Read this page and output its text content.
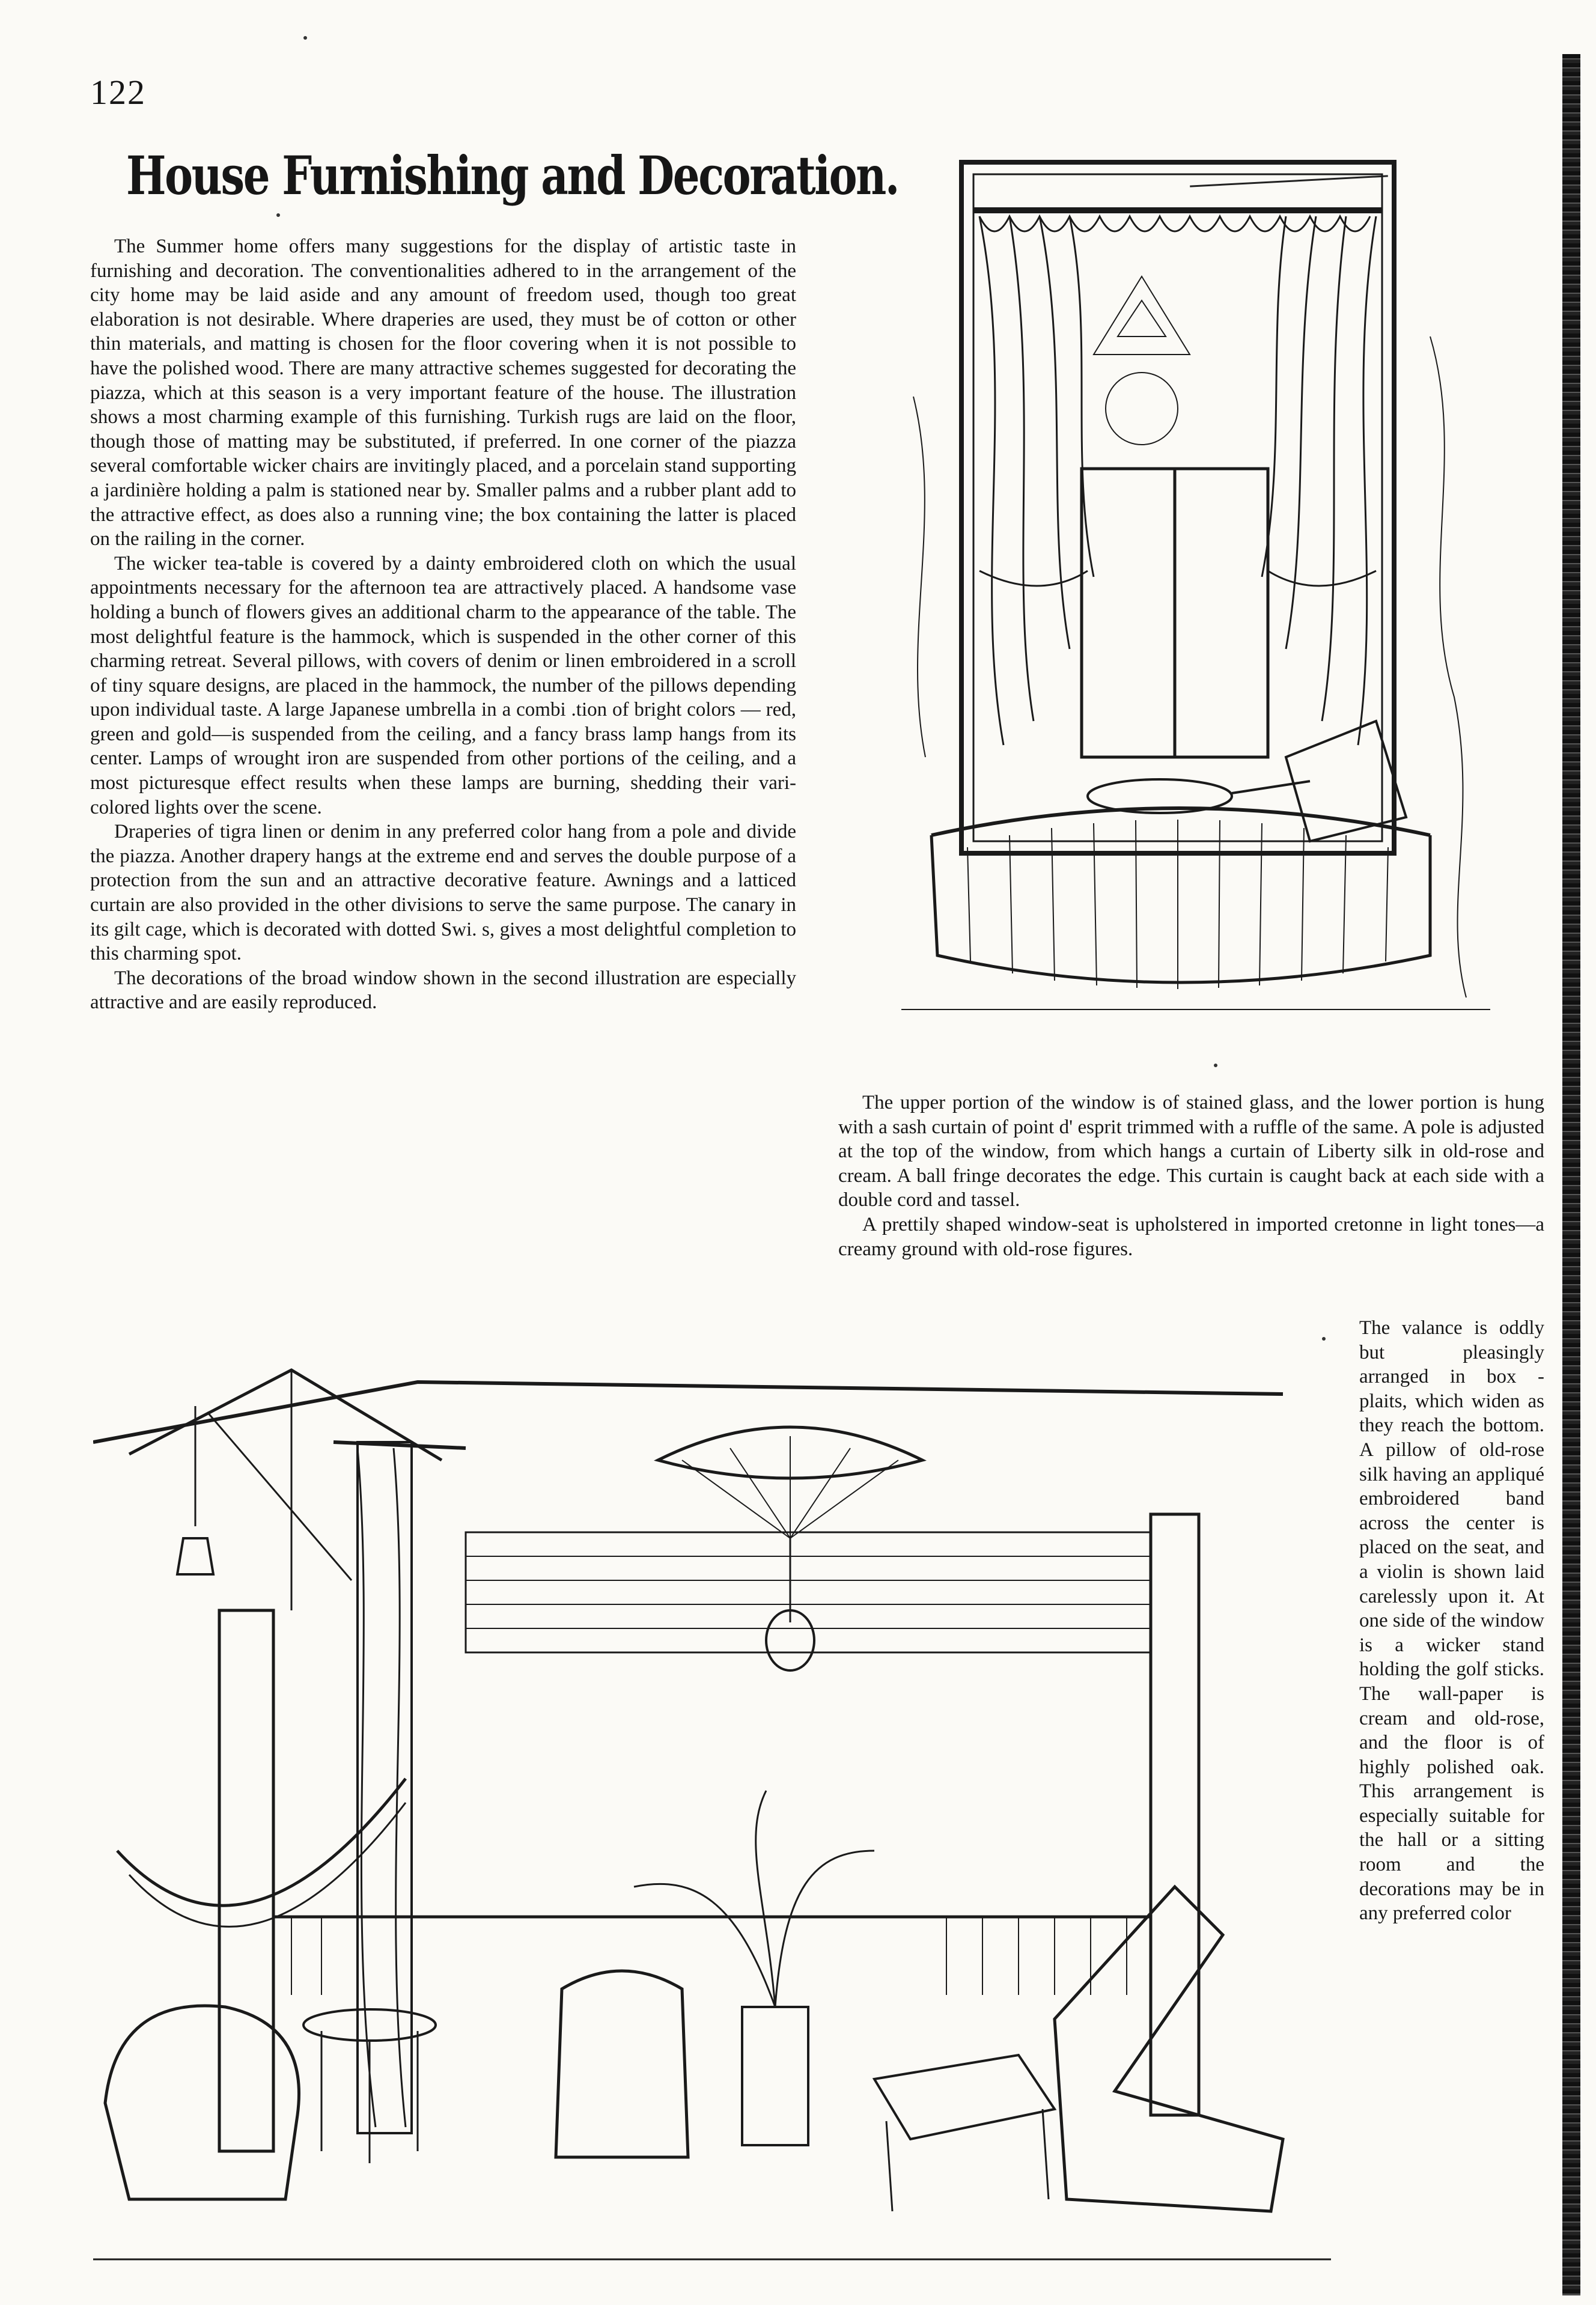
122
House Furnishing and Decoration.

The Summer home offers many suggestions for the display of artistic taste in furnishing and decoration. The conventionalities adhered to in the arrangement of the city home may be laid aside and any amount of freedom used, though too great elaboration is not desirable. Where draperies are used, they must be of cotton or other thin materials, and matting is chosen for the floor covering when it is not possible to have the polished wood. There are many attractive schemes suggested for decorating the piazza, which at this season is a very important feature of the house. The illustration shows a most charming example of this furnishing. Turkish rugs are laid on the floor, though those of matting may be substituted, if preferred. In one corner of the piazza several comfortable wicker chairs are invitingly placed, and a porcelain stand supporting a jardinière holding a palm is stationed near by. Smaller palms and a rubber plant add to the attractive effect, as does also a running vine; the box containing the latter is placed on the railing in the corner.

The wicker tea-table is covered by a dainty embroidered cloth on which the usual appointments necessary for the afternoon tea are attractively placed. A handsome vase holding a bunch of flowers gives an additional charm to the appearance of the table. The most delightful feature is the hammock, which is suspended in the other corner of this charming retreat. Several pillows, with covers of denim or linen embroidered in a scroll of tiny square designs, are placed in the hammock, the number of the pillows depending upon individual taste. A large Japanese umbrella in a combi .tion of bright colors — red, green and gold—is suspended from the ceiling, and a fancy brass lamp hangs from its center. Lamps of wrought iron are suspended from other portions of the ceiling, and a most picturesque effect results when these lamps are burning, shedding their vari-colored lights over the scene.

Draperies of tigra linen or denim in any preferred color hang from a pole and divide the piazza. Another drapery hangs at the extreme end and serves the double purpose of a protection from the sun and an attractive decorative feature. Awnings and a latticed curtain are also provided in the other divisions to serve the same purpose. The canary in its gilt cage, which is decorated with dotted Swi. s, gives a most delightful completion to this charming spot.

The decorations of the broad window shown in the second illustration are especially attractive and are easily reproduced.

The upper portion of the window is of stained glass, and the lower portion is hung with a sash curtain of point d' esprit trimmed with a ruffle of the same. A pole is adjusted at the top of the window, from which hangs a curtain of Liberty silk in old-rose and cream. A ball fringe decorates the edge. This curtain is caught back at each side with a double cord and tassel.

A prettily shaped window-seat is upholstered in imported cretonne in light tones—a creamy ground with old-rose figures.

The valance is oddly but pleasingly arranged in box - plaits, which widen as they reach the bottom. A pillow of old-rose silk having an appliqué embroidered band across the center is placed on the seat, and a violin is shown laid carelessly upon it. At one side of the window is a wicker stand holding the golf sticks. The wall-paper is cream and old-rose, and the floor is of highly polished oak. This arrangement is especially suitable for the hall or a sitting room and the decorations may be in any preferred color
